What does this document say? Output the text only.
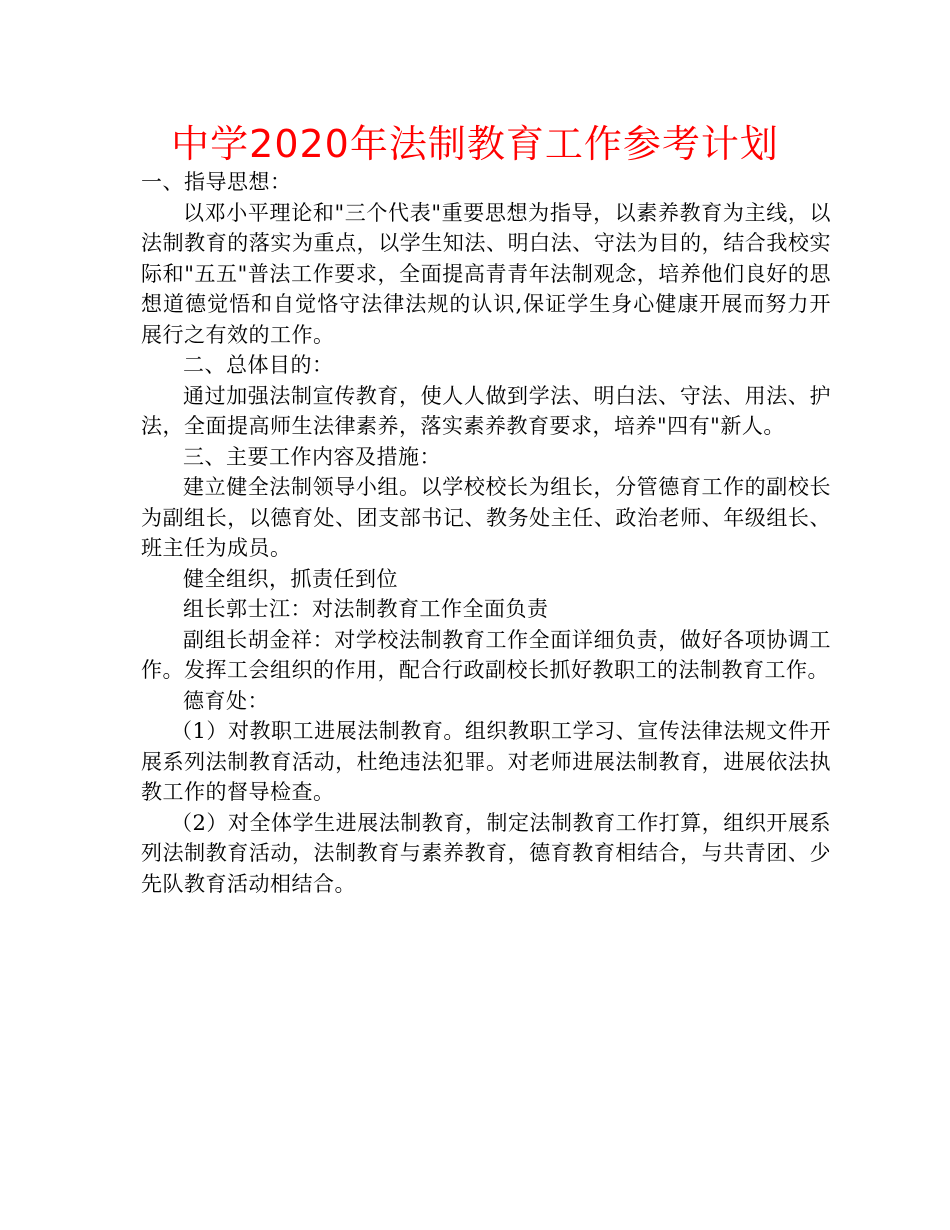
中学2020年法制教育工作参考计划

一、指导思想：

以邓小平理论和"三个代表"重要思想为指导，以素养教育为主线，以法制教育的落实为重点，以学生知法、明白法、守法为目的，结合我校实际和"五五"普法工作要求，全面提高青青年法制观念，培养他们良好的思想道德觉悟和自觉恪守法律法规的认识,保证学生身心健康开展而努力开展行之有效的工作。

二、总体目的：

通过加强法制宣传教育，使人人做到学法、明白法、守法、用法、护法，全面提高师生法律素养，落实素养教育要求，培养"四有"新人。

三、主要工作内容及措施：

建立健全法制领导小组。以学校校长为组长，分管德育工作的副校长为副组长，以德育处、团支部书记、教务处主任、政治老师、年级组长、班主任为成员。

健全组织，抓责任到位

组长郭士江：对法制教育工作全面负责

副组长胡金祥：对学校法制教育工作全面详细负责，做好各项协调工作。发挥工会组织的作用，配合行政副校长抓好教职工的法制教育工作。

德育处：

（1）对教职工进展法制教育。组织教职工学习、宣传法律法规文件开展系列法制教育活动，杜绝违法犯罪。对老师进展法制教育，进展依法执教工作的督导检查。

（2）对全体学生进展法制教育，制定法制教育工作打算，组织开展系列法制教育活动，法制教育与素养教育，德育教育相结合，与共青团、少先队教育活动相结合。
